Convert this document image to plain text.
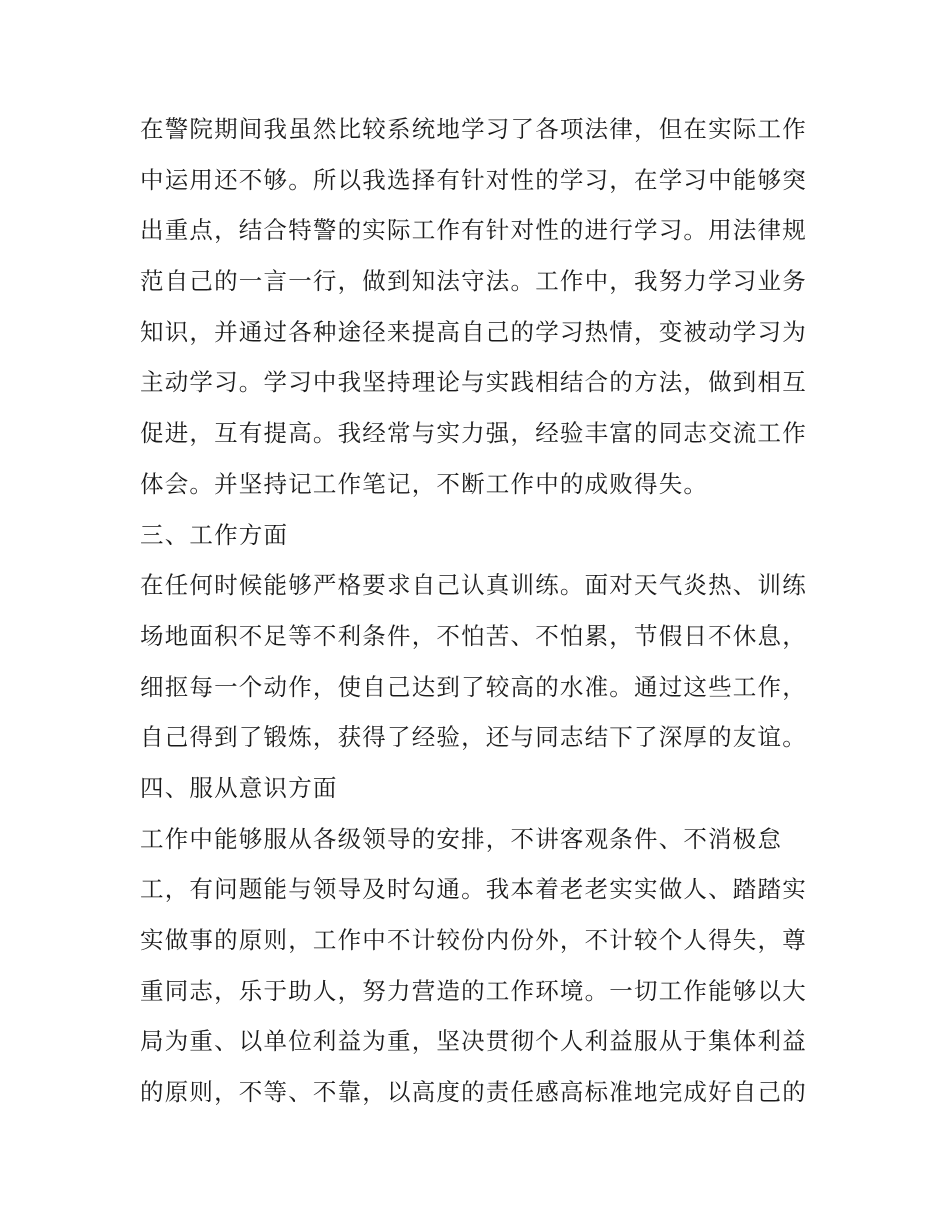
在警院期间我虽然比较系统地学习了各项法律，但在实际工作
中运用还不够。所以我选择有针对性的学习，在学习中能够突
出重点，结合特警的实际工作有针对性的进行学习。用法律规
范自己的一言一行，做到知法守法。工作中，我努力学习业务
知识，并通过各种途径来提高自己的学习热情，变被动学习为
主动学习。学习中我坚持理论与实践相结合的方法，做到相互
促进，互有提高。我经常与实力强，经验丰富的同志交流工作
体会。并坚持记工作笔记，不断工作中的成败得失。
三、工作方面
在任何时候能够严格要求自己认真训练。面对天气炎热、训练
场地面积不足等不利条件，不怕苦、不怕累，节假日不休息，
细抠每一个动作，使自己达到了较高的水准。通过这些工作，
自己得到了锻炼，获得了经验，还与同志结下了深厚的友谊。
四、服从意识方面
工作中能够服从各级领导的安排，不讲客观条件、不消极怠
工，有问题能与领导及时勾通。我本着老老实实做人、踏踏实
实做事的原则，工作中不计较份内份外，不计较个人得失，尊
重同志，乐于助人，努力营造的工作环境。一切工作能够以大
局为重、以单位利益为重，坚决贯彻个人利益服从于集体利益
的原则，不等、不靠，以高度的责任感高标准地完成好自己的
